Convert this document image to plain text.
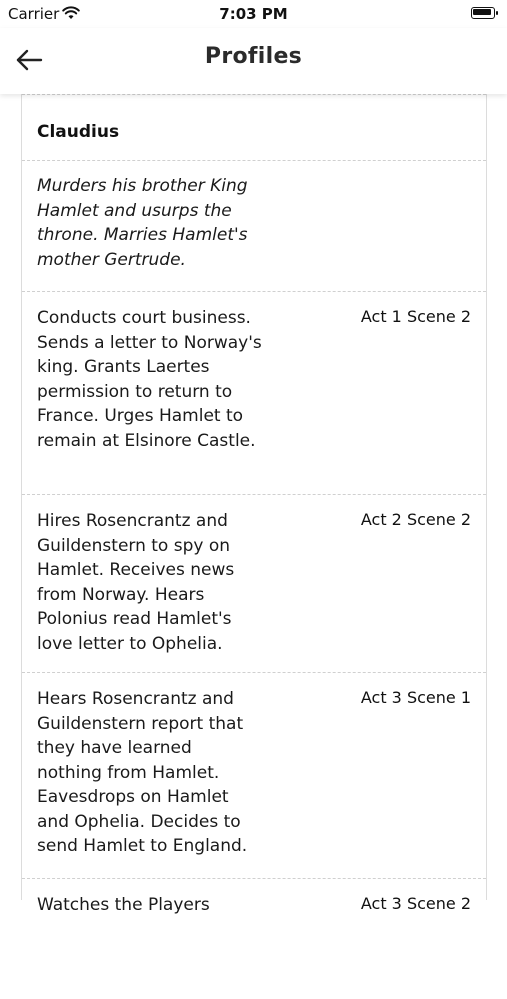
Carrier	7:03 PM
Profiles
Claudius
Murders his brother King Hamlet and usurps the throne. Marries Hamlet's mother Gertrude.
Conducts court business. Sends a letter to Norway's king. Grants Laertes permission to return to France. Urges Hamlet to remain at Elsinore Castle.
Act 1 Scene 2
Hires Rosencrantz and Guildenstern to spy on Hamlet. Receives news from Norway. Hears Polonius read Hamlet's love letter to Ophelia.
Act 2 Scene 2
Hears Rosencrantz and Guildenstern report that they have learned nothing from Hamlet. Eavesdrops on Hamlet and Ophelia. Decides to send Hamlet to England.
Act 3 Scene 1
Watches the Players	Act 3 Scene 2
